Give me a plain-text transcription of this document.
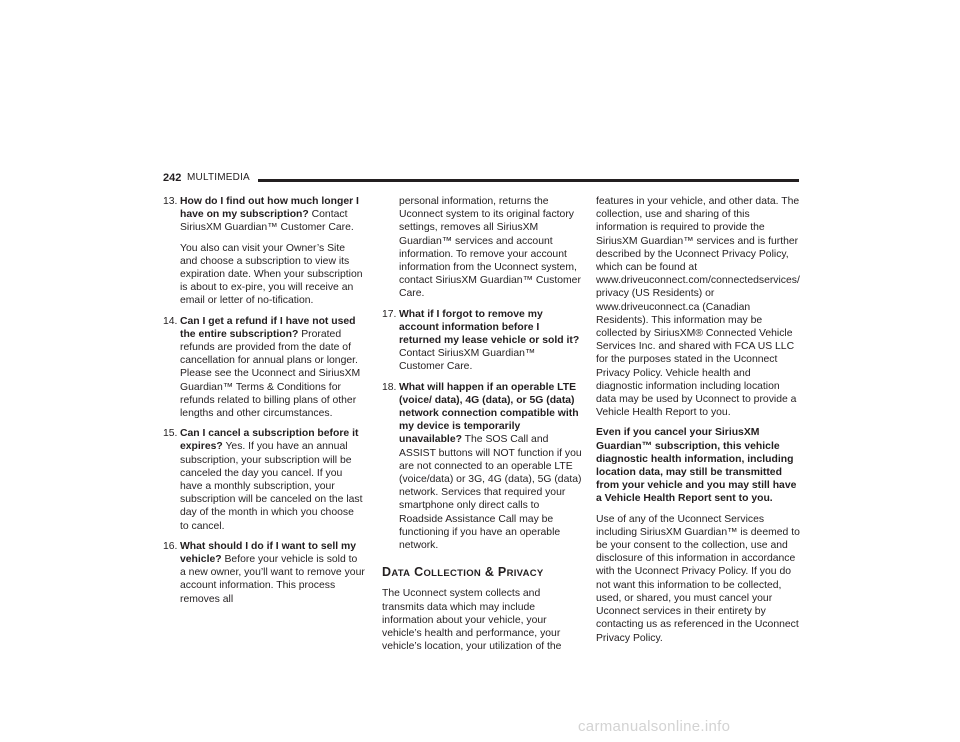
242 MULTIMEDIA
13. How do I find out how much longer I have on my subscription? Contact SiriusXM Guardian™ Customer Care.

You also can visit your Owner’s Site and choose a subscription to view its expiration date. When your subscription is about to ex-pire, you will receive an email or letter of no-tification.

14. Can I get a refund if I have not used the entire subscription? Prorated refunds are provided from the date of cancellation for annual plans or longer. Please see the Uconnect and SiriusXM Guardian™ Terms & Conditions for refunds related to billing plans of other lengths and other circumstances.

15. Can I cancel a subscription before it expires? Yes. If you have an annual subscription, your subscription will be canceled the day you cancel. If you have a monthly subscription, your subscription will be canceled on the last day of the month in which you choose to cancel.

16. What should I do if I want to sell my vehicle? Before your vehicle is sold to a new owner, you’ll want to remove your account information. This process removes all

personal information, returns the Uconnect system to its original factory settings, removes all SiriusXM Guardian™ services and account information. To remove your account information from the Uconnect system, contact SiriusXM Guardian™ Customer Care.

17. What if I forgot to remove my account information before I returned my lease vehicle or sold it? Contact SiriusXM Guardian™ Customer Care.

18. What will happen if an operable LTE (voice/ data), 4G (data), or 5G (data) network connection compatible with my device is temporarily unavailable? The SOS Call and ASSIST buttons will NOT function if you are not connected to an operable LTE (voice/data) or 3G, 4G (data), 5G (data) network. Services that required your smartphone only direct calls to Roadside Assistance Call may be functioning if you have an operable network.

DATA COLLECTION & PRIVACY

The Uconnect system collects and transmits data which may include information about your vehicle, your vehicle’s health and performance, your vehicle’s location, your utilization of the

features in your vehicle, and other data. The collection, use and sharing of this information is required to provide the SiriusXM Guardian™ services and is further described by the Uconnect Privacy Policy, which can be found at www.driveuconnect.com/connectedservices/ privacy (US Residents) or www.driveuconnect.ca (Canadian Residents). This information may be collected by SiriusXM® Connected Vehicle Services Inc. and shared with FCA US LLC for the purposes stated in the Uconnect Privacy Policy. Vehicle health and diagnostic information including location data may be used by Uconnect to provide a Vehicle Health Report to you.

Even if you cancel your SiriusXM Guardian™ subscription, this vehicle diagnostic health information, including location data, may still be transmitted from your vehicle and you may still have a Vehicle Health Report sent to you.

Use of any of the Uconnect Services including SiriusXM Guardian™ is deemed to be your consent to the collection, use and disclosure of this information in accordance with the Uconnect Privacy Policy. If you do not want this information to be collected, used, or shared, you must cancel your Uconnect services in their entirety by contacting us as referenced in the Uconnect Privacy Policy.

carmanualsonline.info
